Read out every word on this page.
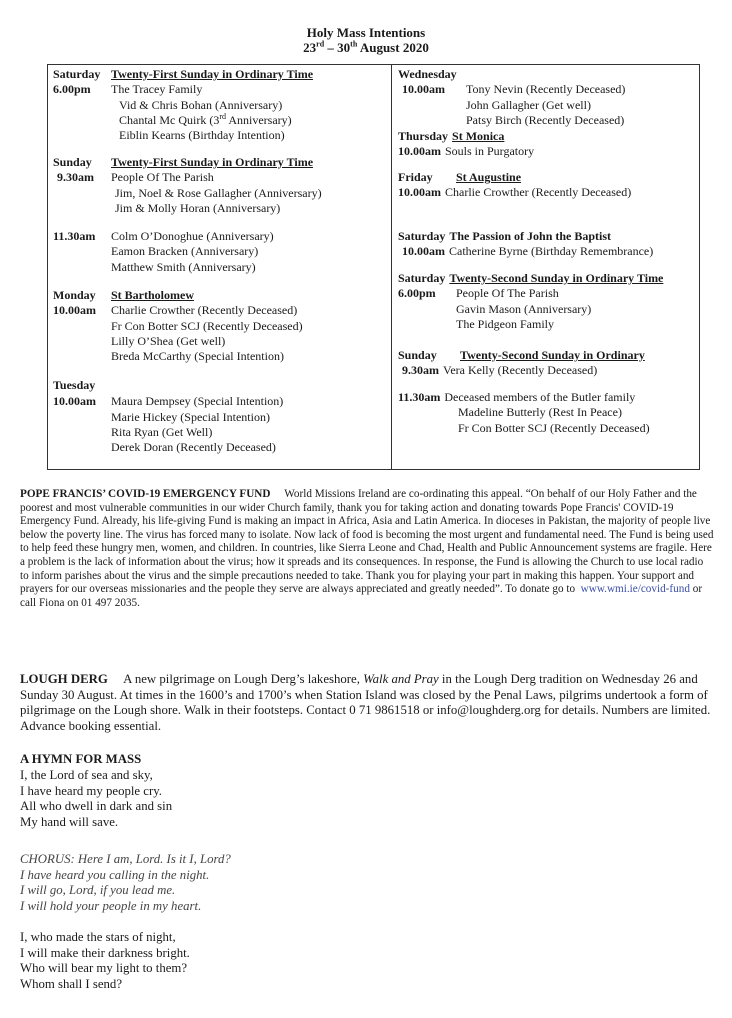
Holy Mass Intentions
23rd – 30th August 2020
Saturday Twenty-First Sunday in Ordinary Time
6.00pm	The Tracey Family
Vid & Chris Bohan (Anniversary)
Chantal Mc Quirk (3rd Anniversary)
Eiblin Kearns (Birthday Intention)
Sunday	Twenty-First Sunday in Ordinary Time
9.30am	People Of The Parish
Jim, Noel & Rose Gallagher (Anniversary)
Jim & Molly Horan (Anniversary)
11.30am	Colm O’Donoghue (Anniversary)
Eamon Bracken (Anniversary)
Matthew Smith (Anniversary)
Monday	St Bartholomew
10.00am	Charlie Crowther (Recently Deceased)
Fr Con Botter SCJ (Recently Deceased)
Lilly O’Shea (Get well)
Breda McCarthy (Special Intention)
Tuesday
10.00am	Maura Dempsey (Special Intention)
Marie Hickey (Special Intention)
Rita Ryan (Get Well)
Derek Doran (Recently Deceased)
Wednesday
10.00am	Tony Nevin (Recently Deceased)
John Gallagher (Get well)
Patsy Birch (Recently Deceased)
Thursday St Monica
10.00am Souls in Purgatory
Friday	St Augustine
10.00am Charlie Crowther (Recently Deceased)
Saturday The Passion of John the Baptist
10.00am Catherine Byrne (Birthday Remembrance)
Saturday Twenty-Second Sunday in Ordinary Time
6.00pm	People Of The Parish
Gavin Mason (Anniversary)
The Pidgeon Family
Sunday	Twenty-Second Sunday in Ordinary
9.30am Vera Kelly (Recently Deceased)
11.30am Deceased members of the Butler family
Madeline Butterly (Rest In Peace)
Fr Con Botter SCJ (Recently Deceased)
POPE FRANCIS’ COVID-19 EMERGENCY FUND World Missions Ireland are co-ordinating this appeal. “On behalf of our Holy Father and the poorest and most vulnerable communities in our wider Church family, thank you for taking action and donating towards Pope Francis' COVID-19 Emergency Fund. Already, his life-giving Fund is making an impact in Africa, Asia and Latin America. In dioceses in Pakistan, the majority of people live below the poverty line. The virus has forced many to isolate. Now lack of food is becoming the most urgent and fundamental need. The Fund is being used to help feed these hungry men, women, and children. In countries, like Sierra Leone and Chad, Health and Public Announcement systems are fragile. Here a problem is the lack of information about the virus; how it spreads and its consequences. In response, the Fund is allowing the Church to use local radio to inform parishes about the virus and the simple precautions needed to take. Thank you for playing your part in making this happen. Your support and prayers for our overseas missionaries and the people they serve are always appreciated and greatly needed”. To donate go to www.wmi.ie/covid-fund or call Fiona on 01 497 2035.
LOUGH DERG A new pilgrimage on Lough Derg’s lakeshore, Walk and Pray in the Lough Derg tradition on Wednesday 26 and Sunday 30 August. At times in the 1600’s and 1700’s when Station Island was closed by the Penal Laws, pilgrims undertook a form of pilgrimage on the Lough shore. Walk in their footsteps. Contact 0 71 9861518 or info@loughderg.org for details. Numbers are limited. Advance booking essential.
A HYMN FOR MASS
I, the Lord of sea and sky,
I have heard my people cry.
All who dwell in dark and sin
My hand will save.
CHORUS: Here I am, Lord. Is it I, Lord?
I have heard you calling in the night.
I will go, Lord, if you lead me.
I will hold your people in my heart.
I, who made the stars of night,
I will make their darkness bright.
Who will bear my light to them?
Whom shall I send?
